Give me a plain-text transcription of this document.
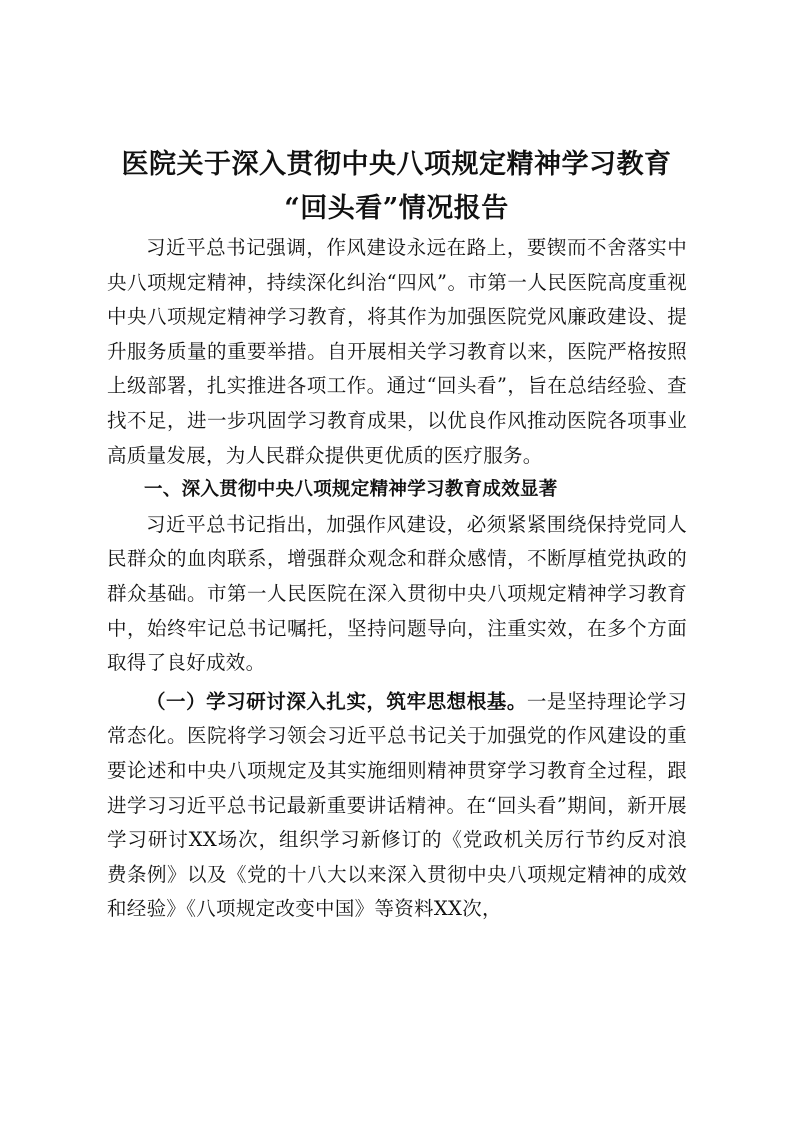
医院关于深入贯彻中央八项规定精神学习教育
“回头看”情况报告

习近平总书记强调，作风建设永远在路上，要锲而不舍落实中央八项规定精神，持续深化纠治“四风”。市第一人民医院高度重视中央八项规定精神学习教育，将其作为加强医院党风廉政建设、提升服务质量的重要举措。自开展相关学习教育以来，医院严格按照上级部署，扎实推进各项工作。通过“回头看”，旨在总结经验、查找不足，进一步巩固学习教育成果，以优良作风推动医院各项事业高质量发展，为人民群众提供更优质的医疗服务。

一、深入贯彻中央八项规定精神学习教育成效显著

习近平总书记指出，加强作风建设，必须紧紧围绕保持党同人民群众的血肉联系，增强群众观念和群众感情，不断厚植党执政的群众基础。市第一人民医院在深入贯彻中央八项规定精神学习教育中，始终牢记总书记嘱托，坚持问题导向，注重实效，在多个方面取得了良好成效。

（一）学习研讨深入扎实，筑牢思想根基。一是坚持理论学习常态化。医院将学习领会习近平总书记关于加强党的作风建设的重要论述和中央八项规定及其实施细则精神贯穿学习教育全过程，跟进学习习近平总书记最新重要讲话精神。在“回头看”期间，新开展学习研讨XX场次，组织学习新修订的《党政机关厉行节约反对浪费条例》以及《党的十八大以来深入贯彻中央八项规定精神的成效和经验》《八项规定改变中国》等资料XX次，
